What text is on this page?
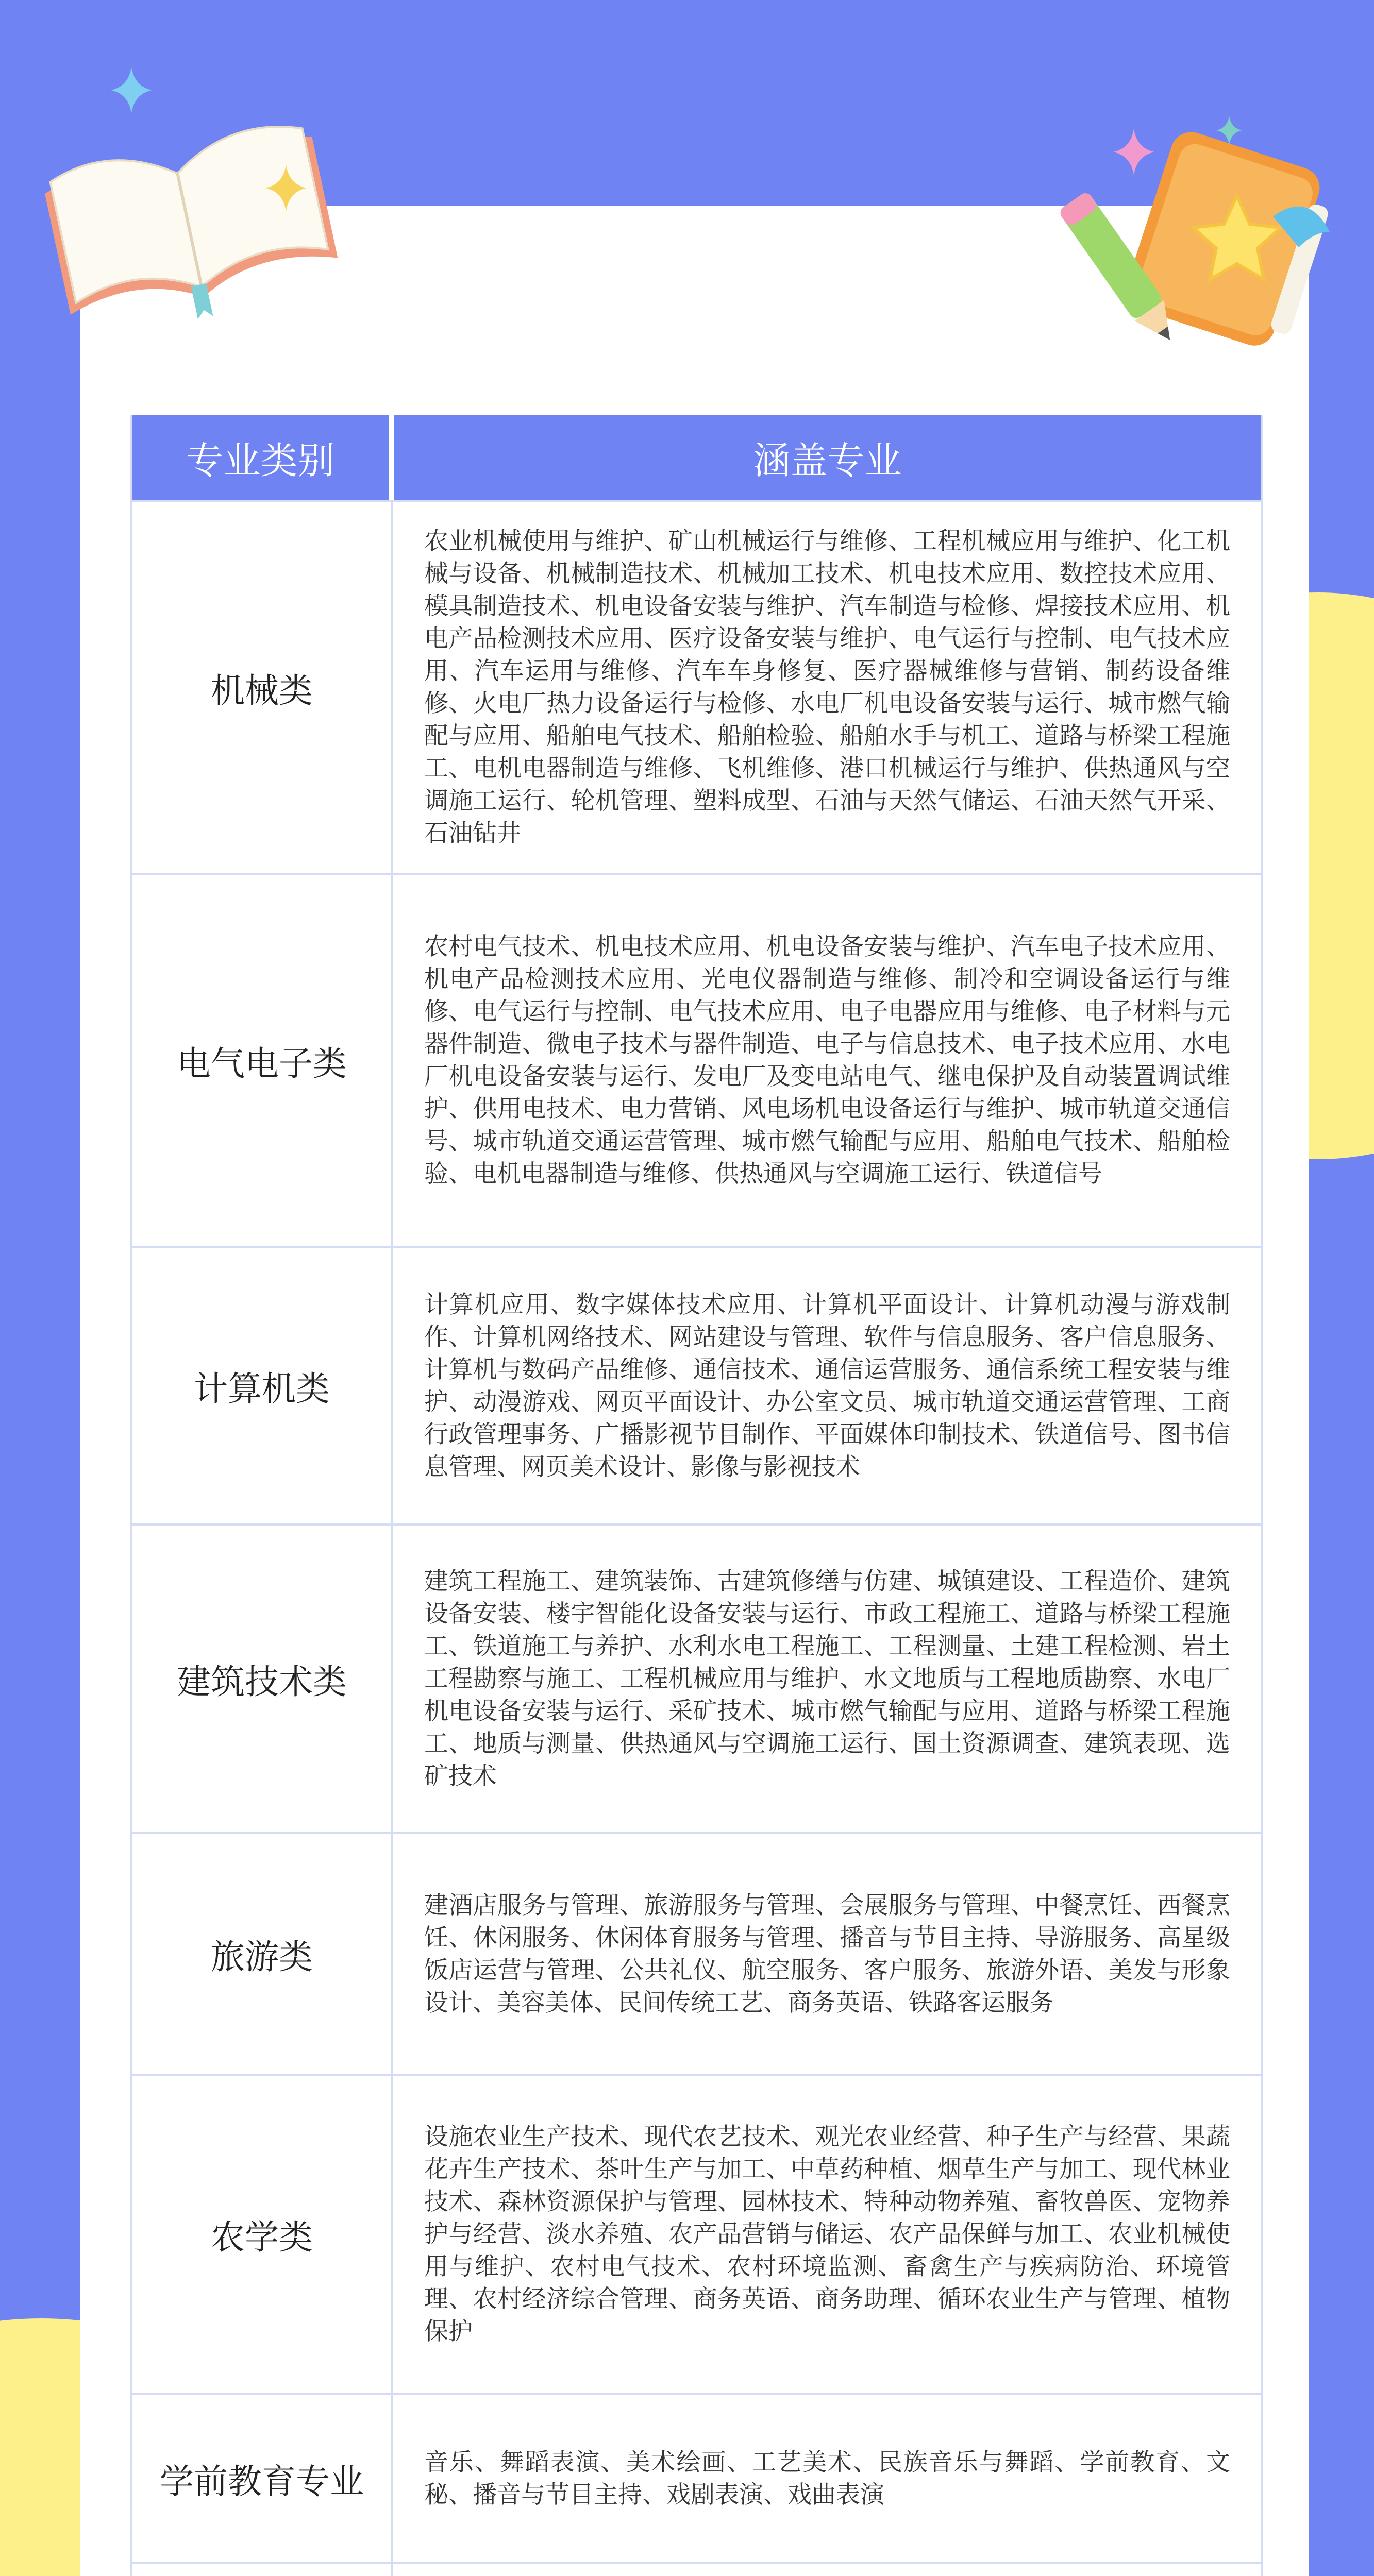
专业类别	涵盖专业
机械类
农业机械使用与维护、矿山机械运行与维修、工程机械应用与维护、化工机械与设备、机械制造技术、机械加工技术、机电技术应用、数控技术应用、模具制造技术、机电设备安装与维护、汽车制造与检修、焊接技术应用、机电产品检测技术应用、医疗设备安装与维护、电气运行与控制、电气技术应用、汽车运用与维修、汽车车身修复、医疗器械维修与营销、制药设备维修、火电厂热力设备运行与检修、水电厂机电设备安装与运行、城市燃气输配与应用、船舶电气技术、船舶检验、船舶水手与机工、道路与桥梁工程施工、电机电器制造与维修、飞机维修、港口机械运行与维护、供热通风与空调施工运行、轮机管理、塑料成型、石油与天然气储运、石油天然气开采、石油钻井
电气电子类
农村电气技术、机电技术应用、机电设备安装与维护、汽车电子技术应用、机电产品检测技术应用、光电仪器制造与维修、制冷和空调设备运行与维修、电气运行与控制、电气技术应用、电子电器应用与维修、电子材料与元器件制造、微电子技术与器件制造、电子与信息技术、电子技术应用、水电厂机电设备安装与运行、发电厂及变电站电气、继电保护及自动装置调试维护、供用电技术、电力营销、风电场机电设备运行与维护、城市轨道交通信号、城市轨道交通运营管理、城市燃气输配与应用、船舶电气技术、船舶检验、电机电器制造与维修、供热通风与空调施工运行、铁道信号
计算机类
计算机应用、数字媒体技术应用、计算机平面设计、计算机动漫与游戏制作、计算机网络技术、网站建设与管理、软件与信息服务、客户信息服务、计算机与数码产品维修、通信技术、通信运营服务、通信系统工程安装与维护、动漫游戏、网页平面设计、办公室文员、城市轨道交通运营管理、工商行政管理事务、广播影视节目制作、平面媒体印制技术、铁道信号、图书信息管理、网页美术设计、影像与影视技术
建筑技术类
建筑工程施工、建筑装饰、古建筑修缮与仿建、城镇建设、工程造价、建筑设备安装、楼宇智能化设备安装与运行、市政工程施工、道路与桥梁工程施工、铁道施工与养护、水利水电工程施工、工程测量、土建工程检测、岩土工程勘察与施工、工程机械应用与维护、水文地质与工程地质勘察、水电厂机电设备安装与运行、采矿技术、城市燃气输配与应用、道路与桥梁工程施工、地质与测量、供热通风与空调施工运行、国土资源调查、建筑表现、选矿技术
旅游类
建酒店服务与管理、旅游服务与管理、会展服务与管理、中餐烹饪、西餐烹饪、休闲服务、休闲体育服务与管理、播音与节目主持、导游服务、高星级饭店运营与管理、公共礼仪、航空服务、客户服务、旅游外语、美发与形象设计、美容美体、民间传统工艺、商务英语、铁路客运服务
农学类
设施农业生产技术、现代农艺技术、观光农业经营、种子生产与经营、果蔬花卉生产技术、茶叶生产与加工、中草药种植、烟草生产与加工、现代林业技术、森林资源保护与管理、园林技术、特种动物养殖、畜牧兽医、宠物养护与经营、淡水养殖、农产品营销与储运、农产品保鲜与加工、农业机械使用与维护、农村电气技术、农村环境监测、畜禽生产与疾病防治、环境管理、农村经济综合管理、商务英语、商务助理、循环农业生产与管理、植物保护
学前教育专业	音乐、舞蹈表演、美术绘画、工艺美术、民族音乐与舞蹈、学前教育、文秘、播音与节目主持、戏剧表演、戏曲表演
